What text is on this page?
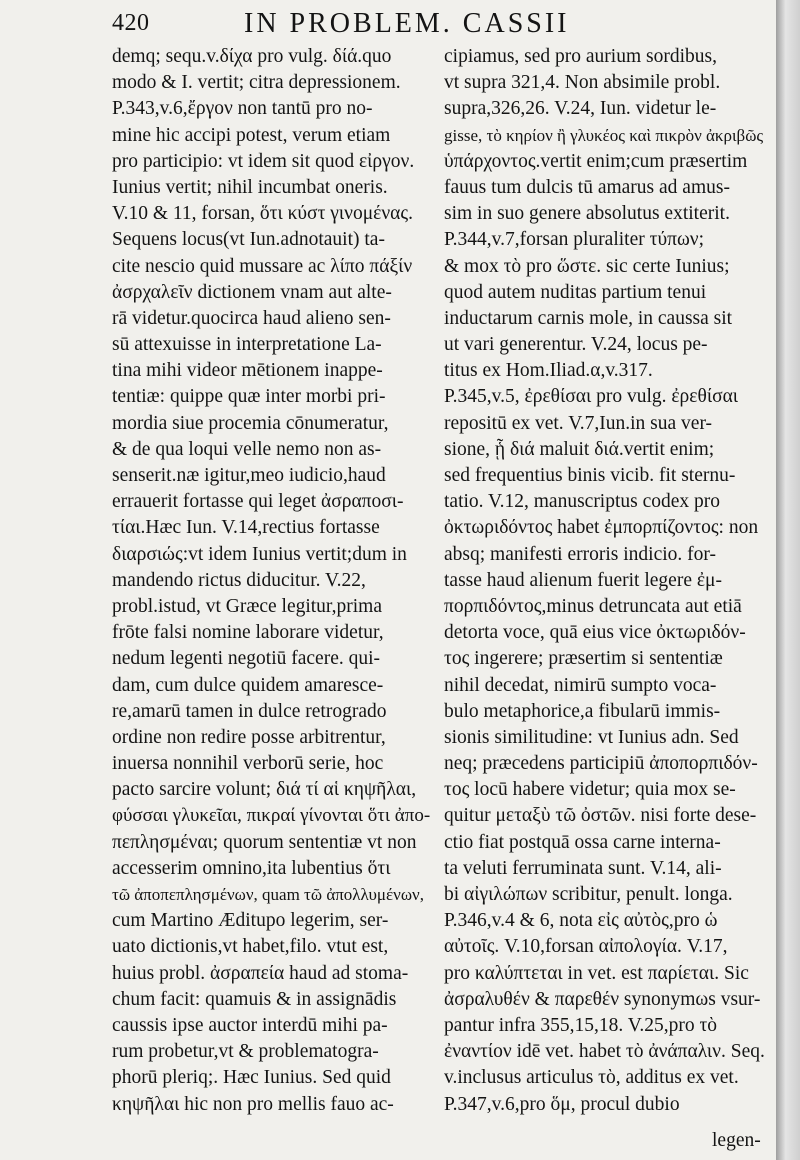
420	IN PROBLEM. CASSII
demq; sequ.v.δίχα pro vulg. δίά.quo
modo & I. vertit; citra depressionem.
P.343,v.6,ἔργον non tantū pro no-
mine hic accipi potest, verum etiam
pro participio: vt idem sit quod εἰργον.
Iunius vertit; nihil incumbat oneris.
V.10 & 11, forsan, ὅτι κύστ γινομένας.
Sequens locus(vt Iun.adnotauit) ta-
cite nescio quid mussare ac λίπο πάξίν
ἀσρχαλεῖν dictionem vnam aut alte-
rā videtur.quocirca haud alieno sen-
sū attexuisse in interpretatione La-
tina mihi videor mētionem inappe-
tentiæ: quippe quæ inter morbi pri-
mordia siue procemia cōnumeratur,
& de qua loqui velle nemo non as-
senserit.næ igitur,meo iudicio,haud
errauerit fortasse qui leget ἀσραποσι-
τίαι.Hæc Iun. V.14,rectius fortasse
διαρσιώς:vt idem Iunius vertit;dum in
mandendo rictus diducitur. V.22,
probl.istud, vt Græce legitur,prima
frōte falsi nomine laborare videtur,
nedum legenti negotiū facere. qui-
dam, cum dulce quidem amaresce-
re,amarū tamen in dulce retrogrado
ordine non redire posse arbitrentur,
inuersa nonnihil verborū serie, hoc
pacto sarcire volunt; διά τί αἱ κηψῆλαι,
φύσσαι γλυκεῖαι, πικραί γίνονται ὅτι ἀπο-
πεπλησμέναι; quorum sententiæ vt non
accesserim omnino,ita lubentius ὅτι
τῶ ἀποπεπλησμένων, quam τῶ ἀπολλυμένων,
cum Martino Æditupo legerim, ser-
uato dictionis,vt habet,filo. vtut est,
huius probl. ἀσραπεία haud ad stoma-
chum facit: quamuis & in assignādis
caussis ipse auctor interdū mihi pa-
rum probetur,vt & problematogra-
phorū pleriq;. Hæc Iunius. Sed quid
κηψῆλαι hic non pro mellis fauo ac-
cipiamus, sed pro aurium sordibus,
vt supra 321,4. Non absimile probl.
supra,326,26. V.24, Iun. videtur le-
gisse, τὸ κηρίον ἢ γλυκέος καὶ πικρὸν ἀκριβῶς
ὑπάρχοντος.vertit enim;cum præsertim
fauus tum dulcis tū amarus ad amus-
sim in suo genere absolutus extiterit.
P.344,v.7,forsan pluraliter τύπων;
& mox τὸ pro ὥστε. sic certe Iunius;
quod autem nuditas partium tenui
inductarum carnis mole, in caussa sit
ut vari generentur. V.24, locus pe-
titus ex Hom.Iliad.α,v.317.
P.345,v.5, ἐρεθίσαι pro vulg. ἐρεθίσαι
repositū ex vet. V.7,Iun.in sua ver-
sione, ᾗ διά maluit διά.vertit enim;
sed frequentius binis vicib. fit sternu-
tatio. V.12, manuscriptus codex pro
ὀκτωριδόντος habet ἐμπορπίζοντος: non
absq; manifesti erroris indicio. for-
tasse haud alienum fuerit legere ἐμ-
πορπιδόντος,minus detruncata aut etiā
detorta voce, quā eius vice ὀκτωριδόν-
τος ingerere; præsertim si sententiæ
nihil decedat, nimirū sumpto voca-
bulo metaphorice,a fibularū immis-
sionis similitudine: vt Iunius adn. Sed
neq; præcedens participiū ἀποπορπιδόν-
τος locū habere videtur; quia mox se-
quitur μεταξὺ τῶ ὀστῶν. nisi forte dese-
ctio fiat postquā ossa carne interna-
ta veluti ferruminata sunt. V.14, ali-
bi αἰγιλώπων scribitur, penult. longa.
P.346,v.4 & 6, nota εἰς αὐτὸς,pro ὡ
αὐτοῖς. V.10,forsan αἰπολογία. V.17,
pro καλύπτεται in vet. est παρίεται. Sic
ἀσραλυθέν & παρεθέν synonymωs vsur-
pantur infra 355,15,18. V.25,pro τὸ
ἐναντίον idē vet. habet τὸ ἀνάπαλιν. Seq.
v.inclusus articulus τὸ, additus ex vet.
P.347,v.6,pro ὅμ, procul dubio
legen-
